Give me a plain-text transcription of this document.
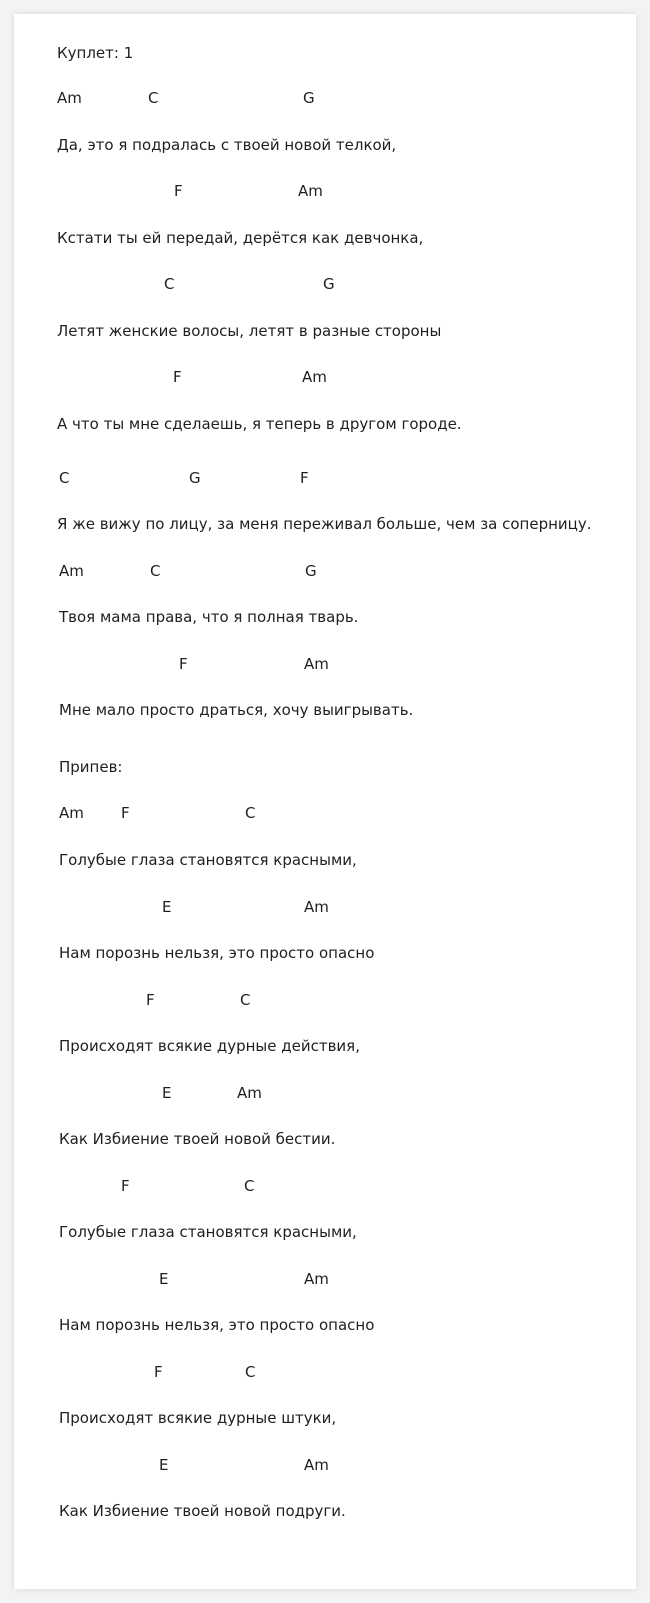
Куплет: 1
Am	C	G
Да, это я подралась с твоей новой телкой,
F	Am
Кстати ты ей передай, дерётся как девчонка,
C	G
Летят женские волосы, летят в разные стороны
F	Am
А что ты мне сделаешь, я теперь в другом городе.
C	G	F
Я же вижу по лицу, за меня переживал больше, чем за соперницу.
Am	C	G
Твоя мама права, что я полная тварь.
F	Am
Мне мало просто драться, хочу выигрывать.
Припев:
Am F	C
Голубые глаза становятся красными,
E	Am
Нам порознь нельзя, это просто опасно
F	C
Происходят всякие дурные действия,
E	Am
Как Избиение твоей новой бестии.
F	C
Голубые глаза становятся красными,
E	Am
Нам порознь нельзя, это просто опасно
F	C
Происходят всякие дурные штуки,
E	Am
Как Избиение твоей новой подруги.
